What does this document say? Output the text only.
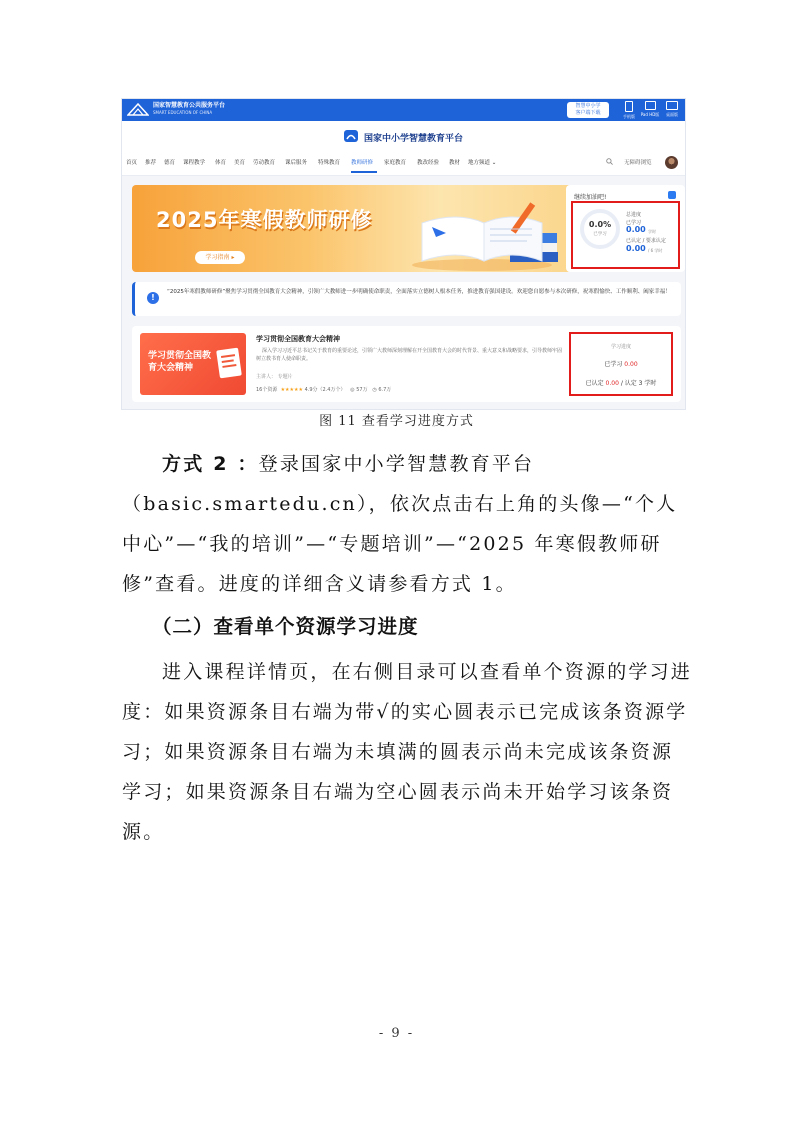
国家智慧教育公共服务平台
SMART EDUCATION OF CHINA
智慧中小学
客户端下载
手机版	Pad HD版	桌面版
国家中小学智慧教育平台
首页 推荐 德育 课程教学 体育 美育 劳动教育 课后服务 特殊教育 教师研修 家庭教育 教改经验 教材 地方频道 ⌄	无障碍浏览
2025年寒假教师研修
学习指南 ▸
继续加油吧!
0.0%
已学习
总进度
已学习
0.00 学时
已认定 / 要求认定
0.00 / 6 学时
!
“2025年寒假教师研修”聚焦学习贯彻全国教育大会精神，引领广大教师进一步明确使命职责，全面落实立德树人根本任务，推进教育强国建设。欢迎您自愿参与本次研修，祝寒假愉快、工作顺利、阖家幸福！
学习贯彻全国教育大会精神
学习贯彻全国教育大会精神
深入学习习近平总书记关于教育的重要论述，引领广大教师深刻理解在开全国教育大会的时代背景、重大意义和战略要求，引导教师牢固树立教书育人使命职责。
主讲人： 专题片
16个资源 ★★★★★ 4.9分（2.4万个） ◎ 57万 ◷ 6.7万
学习进度
已学习 0.00
已认定 0.00 / 认定 3 学时
图 11 查看学习进度方式
方式 2 ：登录国家中小学智慧教育平台（basic.smartedu.cn），依次点击右上角的头像—“个人中心”—“我的培训”—“专题培训”—“2025 年寒假教师研修”查看。进度的详细含义请参看方式 1。
（二）查看单个资源学习进度
进入课程详情页，在右侧目录可以查看单个资源的学习进度：如果资源条目右端为带√的实心圆表示已完成该条资源学习；如果资源条目右端为未填满的圆表示尚未完成该条资源学习；如果资源条目右端为空心圆表示尚未开始学习该条资源。
- 9 -
